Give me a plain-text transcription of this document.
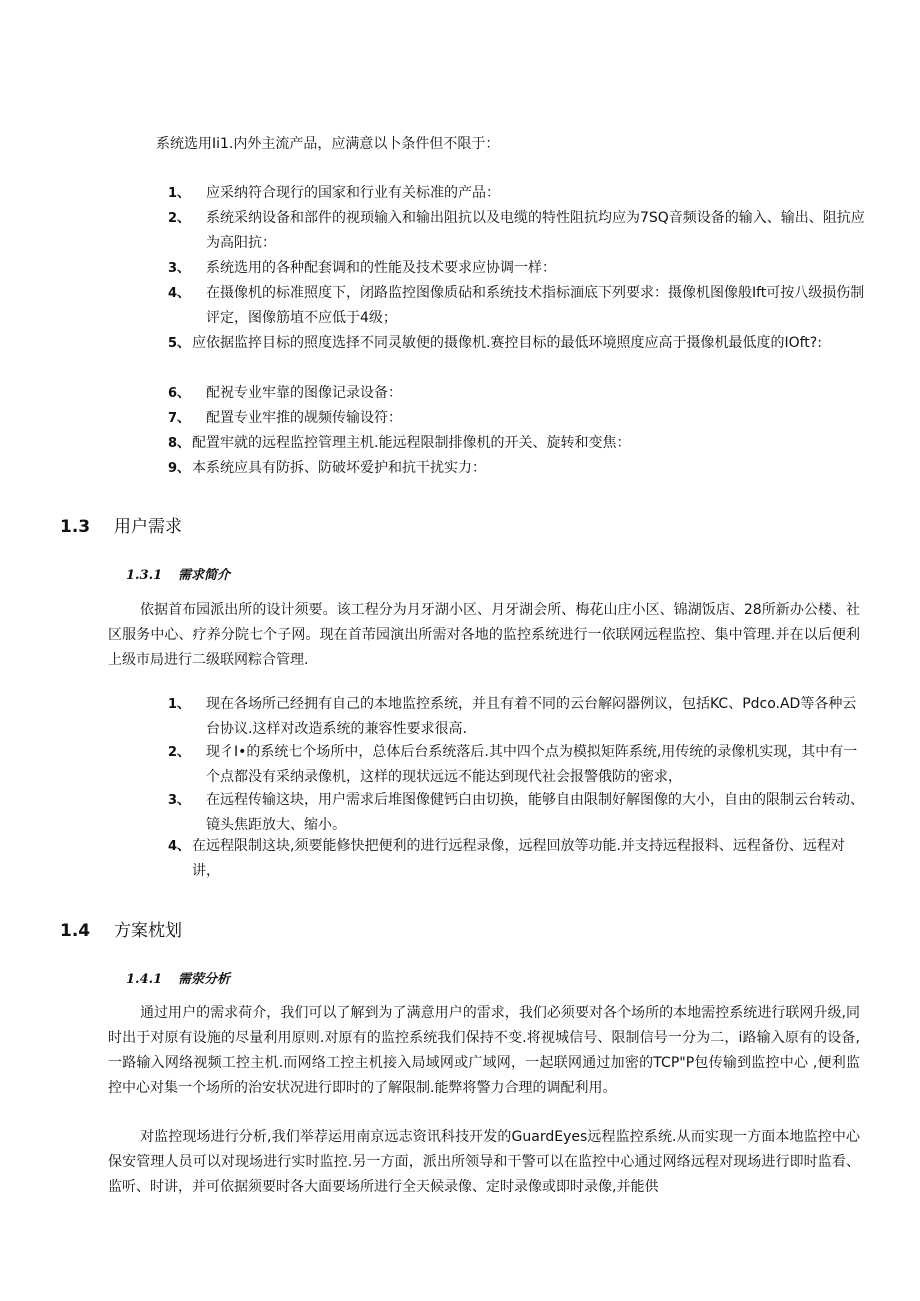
系统选用Ii1.内外主流产品，应满意以卜条件但不限于：
1、	应采纳符合现行的国家和行业有关标准的产品：
2、	系统采纳设备和部件的视顼输入和输出阻抗以及电缆的特性阻抗均应为7SQ音频设备的输入、输出、阻抗应为高阳抗：
3、	系统选用的各种配套调和的性能及技术要求应协调一样：
4、	在摄像机的标准照度下，闭路监控图像质砧和系统技术指标湎底下列要求：摄像机图像般Ift可按八级损伤制评定，图像筋埴不应低于4级；
5、 应依据监捽目标的照度选择不同灵敏便的摄像机.赛控目标的最低环境照度应高于摄像机最低度的IOft?:
6、	配祝专业牢靠的图像记录设备：
7、	配置专业牢推的觇频传输设符：
8、 配置牢就的远程监控管理主机.能远程限制排像机的开关、旋转和变焦：
9、 本系统应具有防拆、防破坏爱护和抗干扰实力：
1.3 用户需求
1.3.1 需求简介
依据首布园派出所的设计须要。该工程分为月牙湖小区、月牙湖会所、梅花山庄小区、锦湖饭店、28所新办公楼、社区服务中心、疗养分院七个子网。现在首芾园演出所需对各地的监控系统进行一依联网远程监控、集中管理.并在以后便利上级市局进行二级联网粽合管理.
1、	现在各场所己经拥有自己的本地监控系统，并且有着不同的云台解闷器例议，包括KC、Pdco.AD等各种云台协议.这样对改造系统的兼容性要求很高.
2、	现彳I•的系统七个场所中，总体后台系统落后.其中四个点为模拟矩阵系统,用传统的录像机实现，其中有一个点都没有采纳录像机，这样的现状远远不能达到现代社会报警俄防的密求，
3、	在远程传输这块，用户需求后堆图像健钙白由切换，能够自由限制好解图像的大小，自由的限制云台转动、镜头焦距放大、缩小。
4、 在远程限制这块,须要能修快把便利的进行远程录像，远程回放等功能.并支持远程报料、远程备份、远程对讲，
1.4 方案枕划
1.4.1 需荥分析
通过用户的需求荷介，我们可以了解到为了满意用户的雷求，我们必须要对各个场所的本地需控系统进行联网升级,同时出于对原有设施的尽量利用原则.对原有的监控系统我们保持不变.将视城信号、限制信号一分为二，i路输入原有的设备,一路输入网络视频工控主机.而网络工控主机接入局域网或广域网，一起联网通过加密的TCP"P包传输到监控中心 ,便利监控中心对集一个场所的治安状况进行即时的了解限制.能弊将警力合理的调配利用。
对监控现场进行分析,我们举荐运用南京远志资讯科技开发的GuardEyes远程监控系统.从而实现一方面本地监控中心保安管理人员可以对现场进行实时监控.另一方面，派出所领导和干警可以在监控中心通过网络远程对现场进行即时监看、监听、时讲，并可依据须要时各大面要场所进行全天候录像、定时录像或即时录像,并能供
